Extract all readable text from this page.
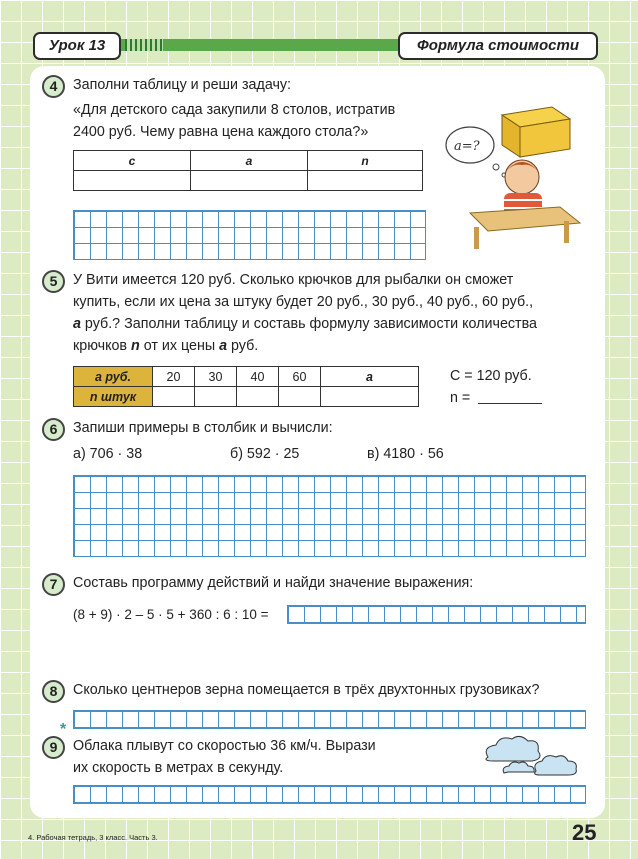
Урок 13	Формула стоимости
4	Заполни таблицу и реши задачу:
«Для детского сада закупили 8 столов, истратив
2400 руб. Чему равна цена каждого стола?»
с	а	n

a=?
5	У Вити имеется 120 руб. Сколько крючков для рыбалки он сможет
купить, если их цена за штуку будет 20 руб., 30 руб., 40 руб., 60 руб.,
а руб.? Заполни таблицу и составь формулу зависимости количества
крючков n от их цены а руб.
а руб.	20	30	40	60	а
n штук					
С = 120 руб.
n =
6	Запиши примеры в столбик и вычисли:
а) 706 · 38	б) 592 · 25	в) 4180 · 56
7	Составь программу действий и найди значение выражения:
(8 + 9) · 2 – 5 · 5 + 360 : 6 : 10 =
8	Сколько центнеров зерна помещается в трёх двухтонных грузовиках?
*
9	Облака плывут со скоростью 36 км/ч. Вырази
их скорость в метрах в секунду.
4. Рабочая тетрадь, 3 класс. Часть 3.	25
